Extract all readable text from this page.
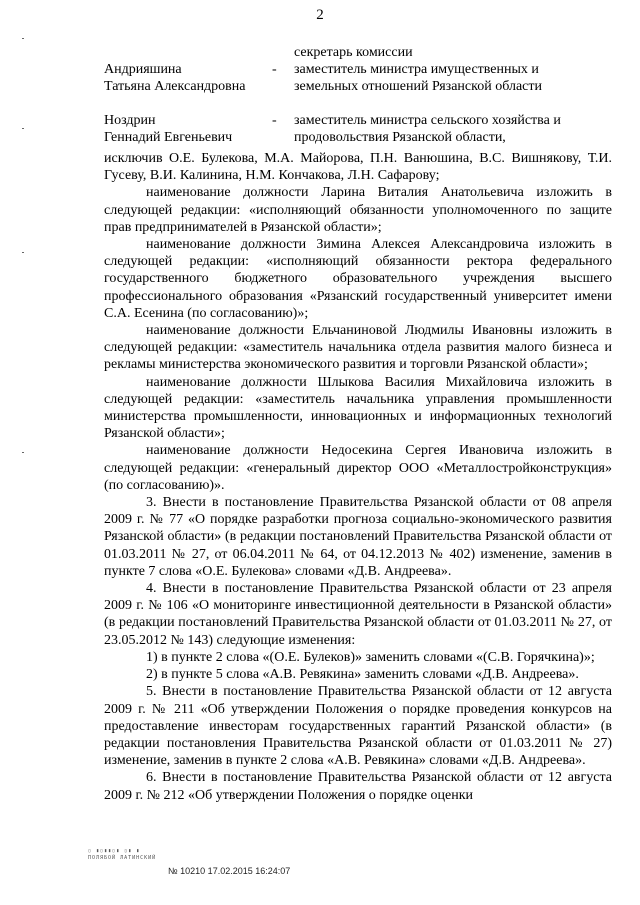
2
секретарь комиссии
Андрияшина	-	заместитель министра имущественных и
Татьяна Александровна	земельных отношений Рязанской области
Ноздрин	-	заместитель министра сельского хозяйства и
Геннадий Евгеньевич	продовольствия Рязанской области,

исключив О.Е. Булекова, М.А. Майорова, П.Н. Ванюшина, В.С. Вишнякову, Т.И. Гусеву, В.И. Калинина, Н.М. Кончакова, Л.Н. Сафарову;

наименование должности Ларина Виталия Анатольевича изложить в следующей редакции: «исполняющий обязанности уполномоченного по защите прав предпринимателей в Рязанской области»;

наименование должности Зимина Алексея Александровича изложить в следующей редакции: «исполняющий обязанности ректора федерального государственного бюджетного образовательного учреждения высшего профессионального образования «Рязанский государственный университет имени С.А. Есенина (по согласованию)»;

наименование должности Ельчаниновой Людмилы Ивановны изложить в следующей редакции: «заместитель начальника отдела развития малого бизнеса и рекламы министерства экономического развития и торговли Рязанской области»;

наименование должности Шлыкова Василия Михайловича изложить в следующей редакции: «заместитель начальника управления промышленности министерства промышленности, инновационных и информационных технологий Рязанской области»;

наименование должности Недосекина Сергея Ивановича изложить в следующей редакции: «генеральный директор ООО «Металлостройконструкция» (по согласованию)».

3. Внести в постановление Правительства Рязанской области от 08 апреля 2009 г. № 77 «О порядке разработки прогноза социально-экономического развития Рязанской области» (в редакции постановлений Правительства Рязанской области от 01.03.2011 № 27, от 06.04.2011 № 64, от 04.12.2013 № 402) изменение, заменив в пункте 7 слова «О.Е. Булекова» словами «Д.В. Андреева».

4. Внести в постановление Правительства Рязанской области от 23 апреля 2009 г. № 106 «О мониторинге инвестиционной деятельности в Рязанской области» (в редакции постановлений Правительства Рязанской области от 01.03.2011 № 27, от 23.05.2012 № 143) следующие изменения:

1) в пункте 2 слова «(О.Е. Булеков)» заменить словами «(С.В. Горячкина)»;

2) в пункте 5 слова «А.В. Ревякина» заменить словами «Д.В. Андреева».

5. Внести в постановление Правительства Рязанской области от 12 августа 2009 г. № 211 «Об утверждении Положения о порядке проведения конкурсов на предоставление инвесторам государственных гарантий Рязанской области» (в редакции постановления Правительства Рязанской области от 01.03.2011 № 27) изменение, заменив в пункте 2 слова «А.В. Ревякина» словами «Д.В. Андреева».

6. Внести в постановление Правительства Рязанской области от 12 августа 2009 г. № 212 «Об утверждении Положения о порядке оценки

▯ ▮▯▮▮▯▮ ▯▮ ▮
ПОЛЯБОЙ ЛАТИНСКИЙ
№ 10210 17.02.2015 16:24:07
